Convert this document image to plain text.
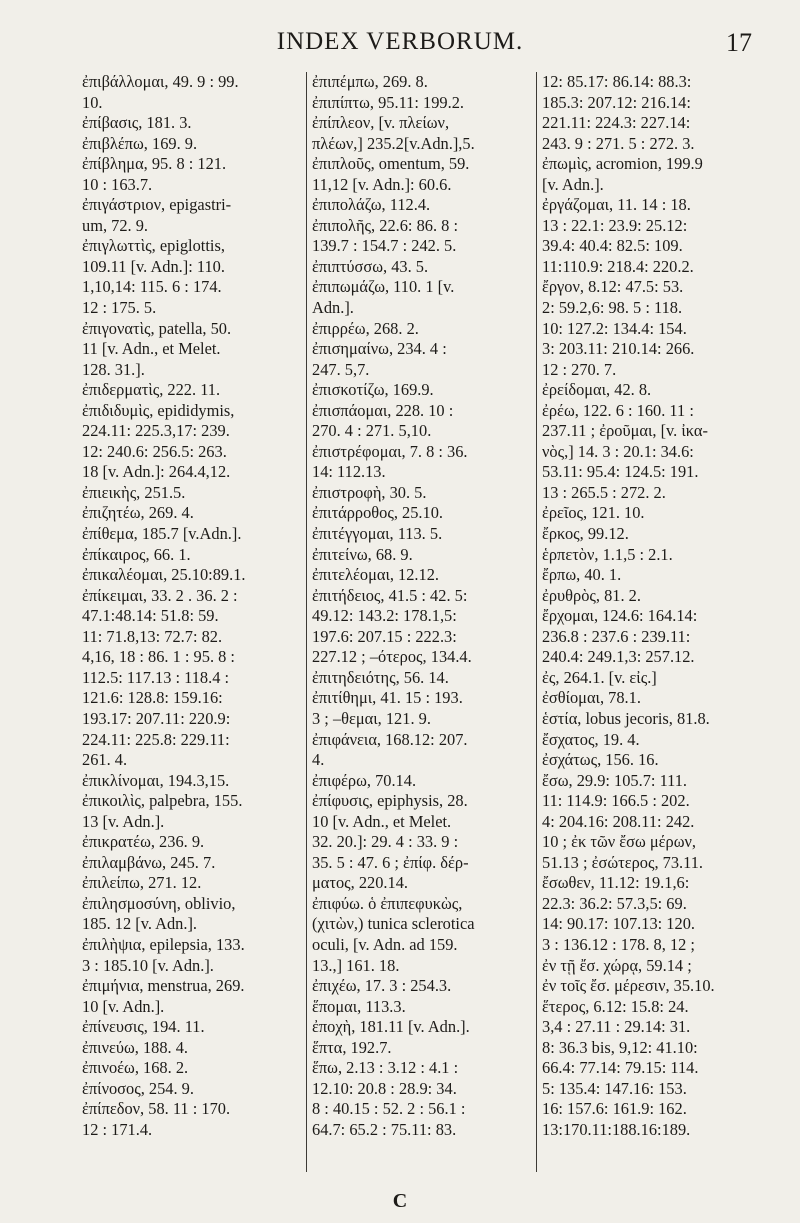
INDEX VERBORUM.	17
ἐπιβάλλομαι, 49. 9 : 99.
10.
ἐπίβασις, 181. 3.
ἐπιβλέπω, 169. 9.
ἐπίβλημα, 95. 8 : 121.
10 : 163.7.
ἐπιγάστριον, epigastri-
um, 72. 9.
ἐπιγλωττὶς, epiglottis,
109.11 [v. Adn.]: 110.
1,10,14: 115. 6 : 174.
12 : 175. 5.
ἐπιγονατὶς, patella, 50.
11 [v. Adn., et Melet.
128. 31.].
ἐπιδερματὶς, 222. 11.
ἐπιδιδυμὶς, epididymis,
224.11: 225.3,17: 239.
12: 240.6: 256.5: 263.
18 [v. Adn.]: 264.4,12.
ἐπιεικὴς, 251.5.
ἐπιζητέω, 269. 4.
ἐπίθεμα, 185.7 [v.Adn.].
ἐπίκαιρος, 66. 1.
ἐπικαλέομαι, 25.10:89.1.
ἐπίκειμαι, 33. 2 . 36. 2 :
47.1:48.14: 51.8: 59.
11: 71.8,13: 72.7: 82.
4,16, 18 : 86. 1 : 95. 8 :
112.5: 117.13 : 118.4 :
121.6: 128.8: 159.16:
193.17: 207.11: 220.9:
224.11: 225.8: 229.11:
261. 4.
ἐπικλίνομαι, 194.3,15.
ἐπικοιλὶς, palpebra, 155.
13 [v. Adn.].
ἐπικρατέω, 236. 9.
ἐπιλαμβάνω, 245. 7.
ἐπιλείπω, 271. 12.
ἐπιλησμοσύνη, oblivio,
185. 12 [v. Adn.].
ἐπιλὴψια, epilepsia, 133.
3 : 185.10 [v. Adn.].
ἐπιμήνια, menstrua, 269.
10 [v. Adn.].
ἐπίνευσις, 194. 11.
ἐπινεύω, 188. 4.
ἐπινοέω, 168. 2.
ἐπίνοσος, 254. 9.
ἐπίπεδον, 58. 11 : 170.
12 : 171.4.
ἐπιπέμπω, 269. 8.
ἐπιπίπτω, 95.11: 199.2.
ἐπίπλεον, [v. πλείων,
πλέων,] 235.2[v.Adn.],5.
ἐπιπλοῦς, omentum, 59.
11,12 [v. Adn.]: 60.6.
ἐπιπολάζω, 112.4.
ἐπιπολῆς, 22.6: 86. 8 :
139.7 : 154.7 : 242. 5.
ἐπιπτύσσω, 43. 5.
ἐπιπωμάζω, 110. 1 [v.
Adn.].
ἐπιρρέω, 268. 2.
ἐπισημαίνω, 234. 4 :
247. 5,7.
ἐπισκοτίζω, 169.9.
ἐπισπάομαι, 228. 10 :
270. 4 : 271. 5,10.
ἐπιστρέφομαι, 7. 8 : 36.
14: 112.13.
ἐπιστροφὴ, 30. 5.
ἐπιτάρροθος, 25.10.
ἐπιτέγγομαι, 113. 5.
ἐπιτείνω, 68. 9.
ἐπιτελέομαι, 12.12.
ἐπιτήδειος, 41.5 : 42. 5:
49.12: 143.2: 178.1,5:
197.6: 207.15 : 222.3:
227.12 ; –ότερος, 134.4.
ἐπιτηδειότης, 56. 14.
ἐπιτίθημι, 41. 15 : 193.
3 ; –θεμαι, 121. 9.
ἐπιφάνεια, 168.12: 207.
4.
ἐπιφέρω, 70.14.
ἐπίφυσις, epiphysis, 28.
10 [v. Adn., et Melet.
32. 20.]: 29. 4 : 33. 9 :
35. 5 : 47. 6 ; ἐπίφ. δέρ-
ματος, 220.14.
ἐπιφύω. ὁ ἐπιπεφυκὼς,
(χιτὼν,) tunica sclerotica
oculi, [v. Adn. ad 159.
13.,] 161. 18.
ἐπιχέω, 17. 3 : 254.3.
ἕπομαι, 113.3.
ἐποχὴ, 181.11 [v. Adn.].
ἕπτα, 192.7.
ἕπω, 2.13 : 3.12 : 4.1 :
12.10: 20.8 : 28.9: 34.
8 : 40.15 : 52. 2 : 56.1 :
64.7: 65.2 : 75.11: 83.
12: 85.17: 86.14: 88.3:
185.3: 207.12: 216.14:
221.11: 224.3: 227.14:
243. 9 : 271. 5 : 272. 3.
ἐπωμὶς, acromion, 199.9
[v. Adn.].
ἐργάζομαι, 11. 14 : 18.
13 : 22.1: 23.9: 25.12:
39.4: 40.4: 82.5: 109.
11:110.9: 218.4: 220.2.
ἔργον, 8.12: 47.5: 53.
2: 59.2,6: 98. 5 : 118.
10: 127.2: 134.4: 154.
3: 203.11: 210.14: 266.
12 : 270. 7.
ἐρείδομαι, 42. 8.
ἐρέω, 122. 6 : 160. 11 :
237.11 ; ἐροῦμαι, [v. ἰκα-
νὸς,] 14. 3 : 20.1: 34.6:
53.11: 95.4: 124.5: 191.
13 : 265.5 : 272. 2.
ἐρεῖος, 121. 10.
ἔρκος, 99.12.
ἑρπετὸν, 1.1,5 : 2.1.
ἔρπω, 40. 1.
ἐρυθρὸς, 81. 2.
ἔρχομαι, 124.6: 164.14:
236.8 : 237.6 : 239.11:
240.4: 249.1,3: 257.12.
ἐς, 264.1. [v. εἰς.]
ἐσθίομαι, 78.1.
ἑστία, lobus jecoris, 81.8.
ἔσχατος, 19. 4.
ἐσχάτως, 156. 16.
ἔσω, 29.9: 105.7: 111.
11: 114.9: 166.5 : 202.
4: 204.16: 208.11: 242.
10 ; ἐκ τῶν ἔσω μέρων,
51.13 ; ἐσώτερος, 73.11.
ἔσωθεν, 11.12: 19.1,6:
22.3: 36.2: 57.3,5: 69.
14: 90.17: 107.13: 120.
3 : 136.12 : 178. 8, 12 ;
ἐν τῇ ἔσ. χώρᾳ, 59.14 ;
ἐν τοῖς ἔσ. μέρεσιν, 35.10.
ἕτερος, 6.12: 15.8: 24.
3,4 : 27.11 : 29.14: 31.
8: 36.3 bis, 9,12: 41.10:
66.4: 77.14: 79.15: 114.
5: 135.4: 147.16: 153.
16: 157.6: 161.9: 162.
13:170.11:188.16:189.
C
